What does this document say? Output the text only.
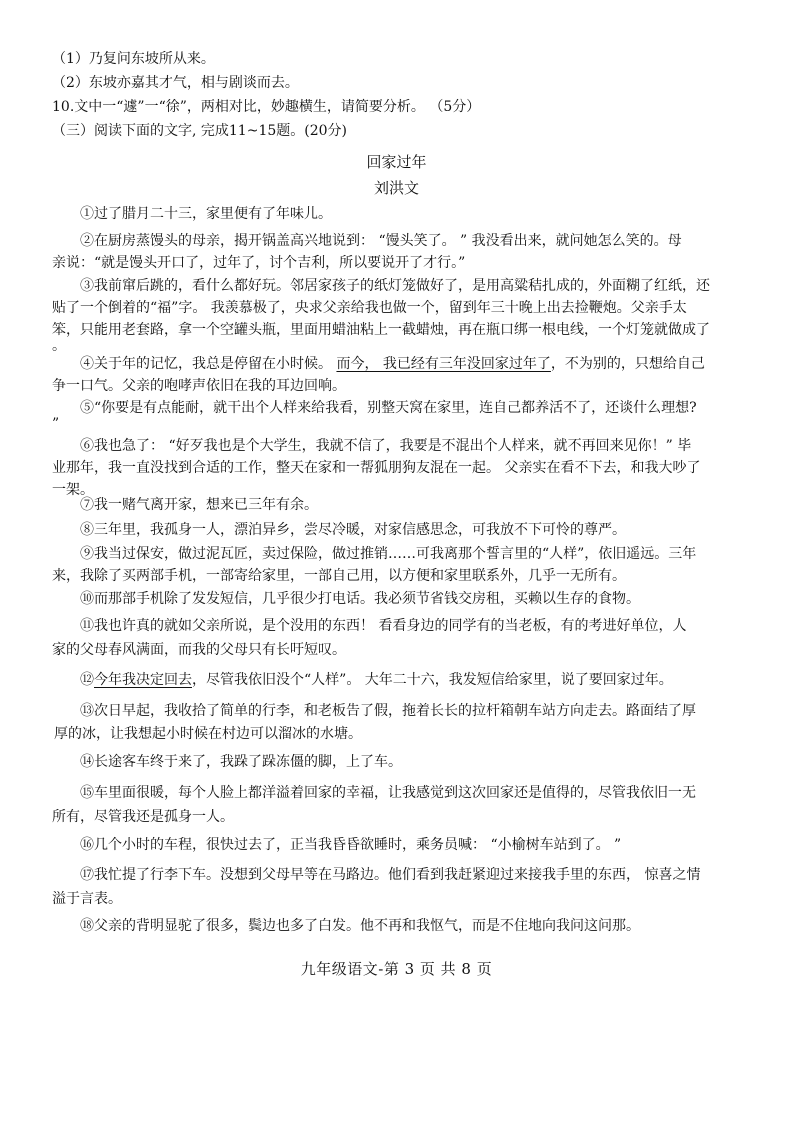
（1）乃复问东坡所从来。
（2）东坡亦嘉其才气，相与剧谈而去。
10.文中一“遽”一“徐”，两相对比，妙趣横生，请简要分析。 （5分）
（三）阅读下面的文字, 完成11~15题。(20分)
回家过年
刘洪文
①过了腊月二十三，家里便有了年味儿。
②在厨房蒸馒头的母亲，揭开锅盖高兴地说到： “馒头笑了。 ” 我没看出来，就问她怎么笑的。母
亲说：“就是馒头开口了，过年了，讨个吉利，所以要说开了才行。”
③我前窜后跳的，看什么都好玩。邻居家孩子的纸灯笼做好了，是用高粱秸扎成的，外面糊了红纸，还
贴了一个倒着的“福”字。 我羡慕极了，央求父亲给我也做一个，留到年三十晚上出去捡鞭炮。父亲手太
笨，只能用老套路，拿一个空罐头瓶，里面用蜡油粘上一截蜡烛，再在瓶口绑一根电线，一个灯笼就做成了
。
④关于年的记忆，我总是停留在小时候。 而今， 我已经有三年没回家过年了，不为别的，只想给自己
争一口气。父亲的咆哮声依旧在我的耳边回响。
⑤“你要是有点能耐，就干出个人样来给我看，别整天窝在家里，连自己都养活不了，还谈什么理想?
”
⑥我也急了： “好歹我也是个大学生，我就不信了，我要是不混出个人样来，就不再回来见你！” 毕
业那年，我一直没找到合适的工作，整天在家和一帮狐朋狗友混在一起。 父亲实在看不下去，和我大吵了
一架。
⑦我一赌气离开家，想来已三年有余。
⑧三年里，我孤身一人，漂泊异乡，尝尽冷暖，对家信感思念，可我放不下可怜的尊严。
⑨我当过保安，做过泥瓦匠，卖过保险，做过推销……可我离那个誓言里的“人样”，依旧遥远。三年
来，我除了买两部手机，一部寄给家里，一部自己用，以方便和家里联系外，几乎一无所有。
⑩而那部手机除了发发短信，几乎很少打电话。我必须节省钱交房租，买赖以生存的食物。
⑪我也许真的就如父亲所说，是个没用的东西！ 看看身边的同学有的当老板，有的考进好单位，人
家的父母春风满面，而我的父母只有长吁短叹。
⑫今年我决定回去，尽管我依旧没个“人样”。 大年二十六，我发短信给家里，说了要回家过年。
⑬次日早起，我收拾了简单的行李，和老板告了假，拖着长长的拉杆箱朝车站方向走去。路面结了厚
厚的冰，让我想起小时候在村边可以溜冰的水塘。
⑭长途客车终于来了，我跺了跺冻僵的脚，上了车。
⑮车里面很暖，每个人脸上都洋溢着回家的幸福，让我感觉到这次回家还是值得的，尽管我依旧一无
所有，尽管我还是孤身一人。
⑯几个小时的车程，很快过去了，正当我昏昏欲睡时，乘务员喊： “小榆树车站到了。 ”
⑰我忙提了行李下车。没想到父母早等在马路边。他们看到我赶紧迎过来接我手里的东西， 惊喜之情
溢于言表。
⑱父亲的背明显驼了很多，鬓边也多了白发。他不再和我怄气，而是不住地向我问这问那。
九年级语文-第 3 页 共 8 页
